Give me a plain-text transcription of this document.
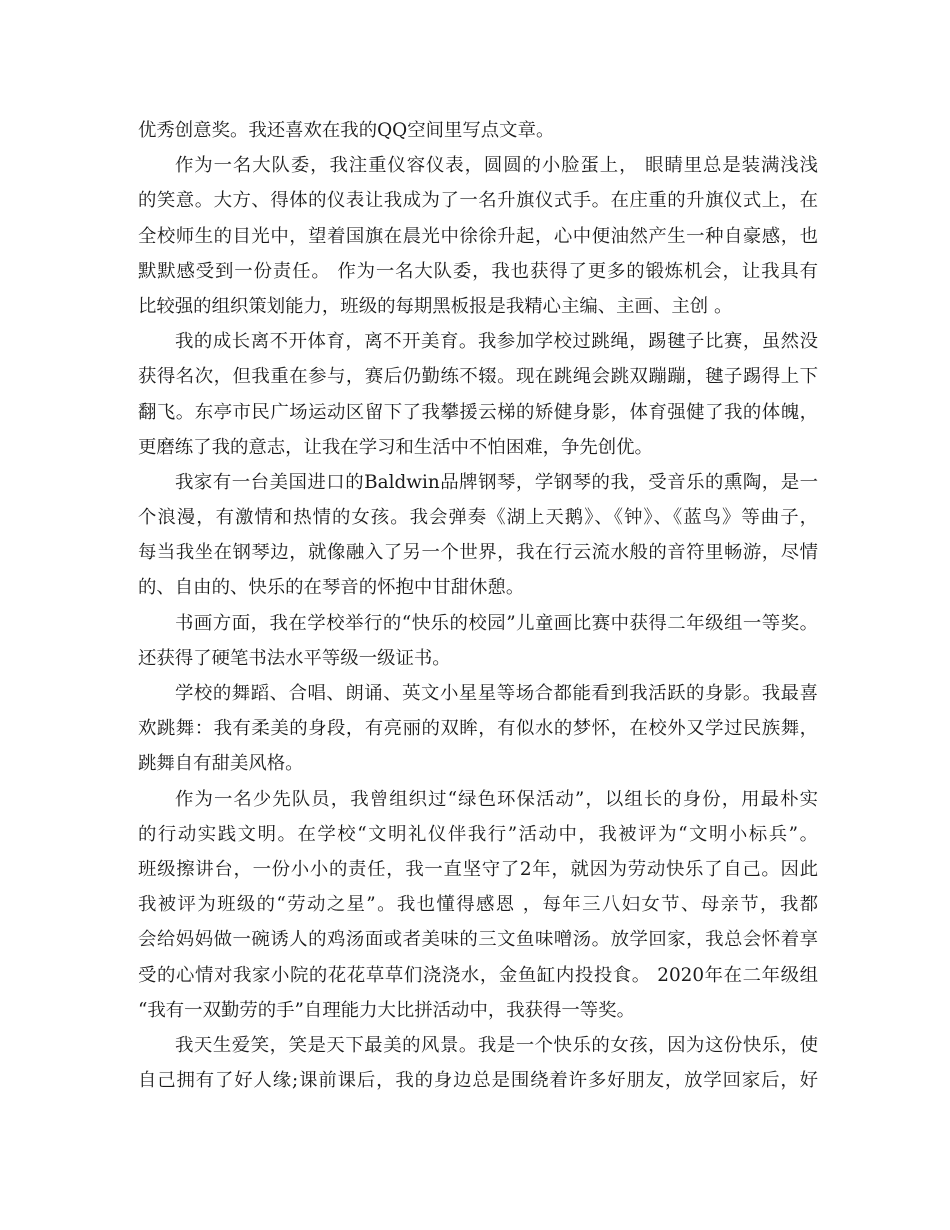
优秀创意奖。我还喜欢在我的QQ空间里写点文章。
作为一名大队委，我注重仪容仪表，圆圆的小脸蛋上， 眼睛里总是装满浅浅
的笑意。大方、得体的仪表让我成为了一名升旗仪式手。在庄重的升旗仪式上，在
全校师生的目光中，望着国旗在晨光中徐徐升起，心中便油然产生一种自豪感，也
默默感受到一份责任。 作为一名大队委，我也获得了更多的锻炼机会，让我具有
比较强的组织策划能力，班级的每期黑板报是我精心主编、主画、主创 。
我的成长离不开体育，离不开美育。我参加学校过跳绳，踢毽子比赛，虽然没
获得名次，但我重在参与，赛后仍勤练不辍。现在跳绳会跳双蹦蹦，毽子踢得上下
翻飞。东亭市民广场运动区留下了我攀援云梯的矫健身影，体育强健了我的体魄，
更磨练了我的意志，让我在学习和生活中不怕困难，争先创优。
我家有一台美国进口的Baldwin品牌钢琴，学钢琴的我，受音乐的熏陶，是一
个浪漫，有激情和热情的女孩。我会弹奏《湖上天鹅》、《钟》、《蓝鸟》等曲子，
每当我坐在钢琴边，就像融入了另一个世界，我在行云流水般的音符里畅游，尽情
的、自由的、快乐的在琴音的怀抱中甘甜休憩。
书画方面，我在学校举行的“快乐的校园”儿童画比赛中获得二年级组一等奖。
还获得了硬笔书法水平等级一级证书。
学校的舞蹈、合唱、朗诵、英文小星星等场合都能看到我活跃的身影。我最喜
欢跳舞：我有柔美的身段，有亮丽的双眸，有似水的梦怀，在校外又学过民族舞，
跳舞自有甜美风格。
作为一名少先队员，我曾组织过“绿色环保活动”，以组长的身份，用最朴实
的行动实践文明。在学校“文明礼仪伴我行”活动中，我被评为“文明小标兵”。
班级擦讲台，一份小小的责任，我一直坚守了2年，就因为劳动快乐了自己。因此
我被评为班级的“劳动之星”。我也懂得感恩 ，每年三八妇女节、母亲节，我都
会给妈妈做一碗诱人的鸡汤面或者美味的三文鱼味噌汤。放学回家，我总会怀着享
受的心情对我家小院的花花草草们浇浇水，金鱼缸内投投食。 2020年在二年级组
“我有一双勤劳的手”自理能力大比拼活动中，我获得一等奖。
我天生爱笑，笑是天下最美的风景。我是一个快乐的女孩，因为这份快乐，使
自己拥有了好人缘;课前课后，我的身边总是围绕着许多好朋友，放学回家后，好
